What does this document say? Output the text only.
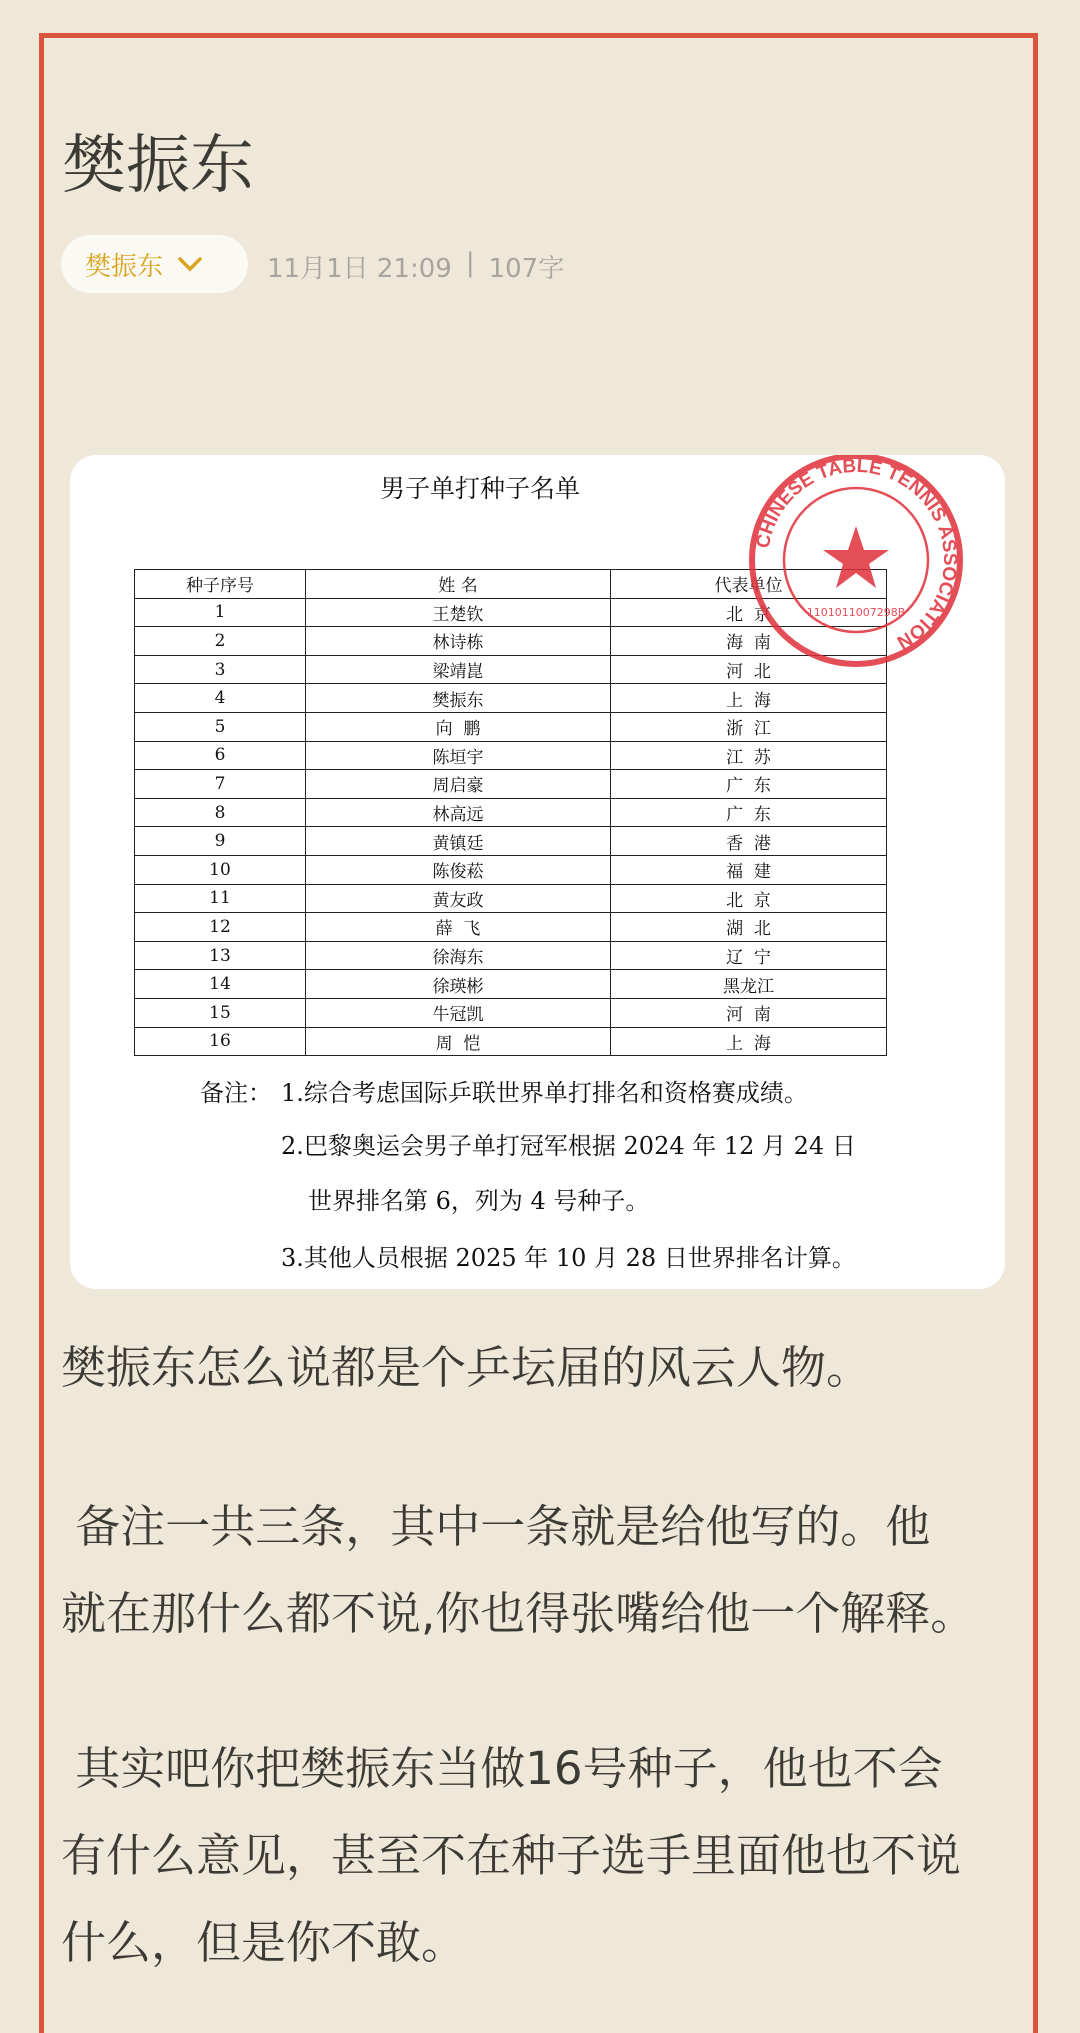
樊振东
樊振东	11月1日 21:09 | 107字
男子单打种子名单
种子序号	姓 名	代表单位
1	王楚钦	北  京
2	林诗栋	海  南
3	梁靖崑	河  北
4	樊振东	上  海
5	向  鹏	浙  江
6	陈垣宇	江  苏
7	周启豪	广  东
8	林高远	广  东
9	黄镇廷	香  港
10	陈俊菘	福  建
11	黄友政	北  京
12	薛  飞	湖  北
13	徐海东	辽  宁
14	徐瑛彬	黑龙江
15	牛冠凯	河  南
16	周  恺	上  海
备注： 1.综合考虑国际乒联世界单打排名和资格赛成绩。
2.巴黎奥运会男子单打冠军根据 2024 年 12 月 24 日
世界排名第 6，列为 4 号种子。
3.其他人员根据 2025 年 10 月 28 日世界排名计算。
CHINESE TABLE TENNIS ASSOCIATION
1101011007298B
樊振东怎么说都是个乒坛届的风云人物。
备注一共三条，其中一条就是给他写的。他
就在那什么都不说,你也得张嘴给他一个解释。
其实吧你把樊振东当做16号种子，他也不会
有什么意见，甚至不在种子选手里面他也不说
什么，但是你不敢。
